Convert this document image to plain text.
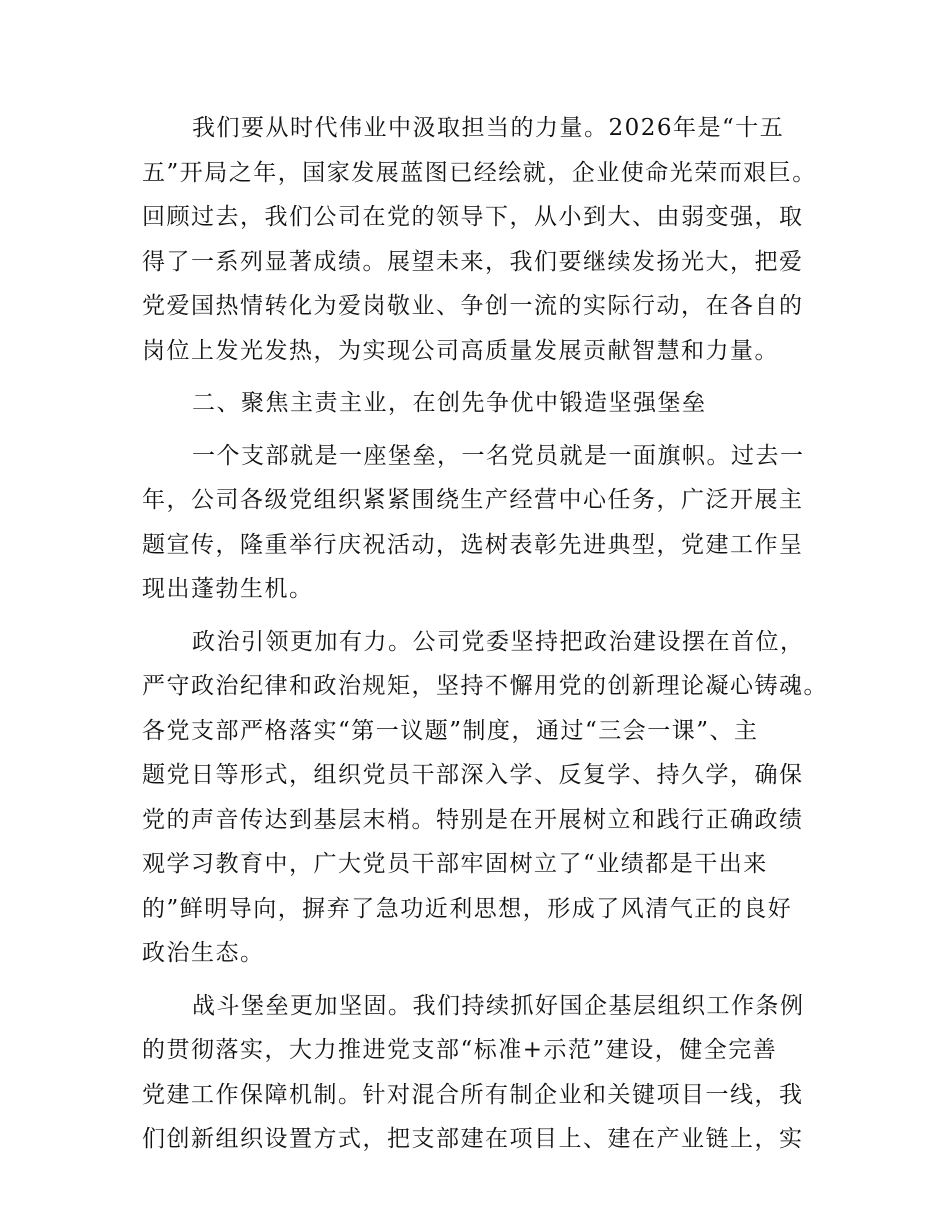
我们要从时代伟业中汲取担当的力量。2026年是“十五
五”开局之年，国家发展蓝图已经绘就，企业使命光荣而艰巨。
回顾过去，我们公司在党的领导下，从小到大、由弱变强，取
得了一系列显著成绩。展望未来，我们要继续发扬光大，把爱
党爱国热情转化为爱岗敬业、争创一流的实际行动，在各自的
岗位上发光发热，为实现公司高质量发展贡献智慧和力量。
二、聚焦主责主业，在创先争优中锻造坚强堡垒
一个支部就是一座堡垒，一名党员就是一面旗帜。过去一
年，公司各级党组织紧紧围绕生产经营中心任务，广泛开展主
题宣传，隆重举行庆祝活动，选树表彰先进典型，党建工作呈
现出蓬勃生机。
政治引领更加有力。公司党委坚持把政治建设摆在首位，
严守政治纪律和政治规矩，坚持不懈用党的创新理论凝心铸魂。
各党支部严格落实“第一议题”制度，通过“三会一课”、主
题党日等形式，组织党员干部深入学、反复学、持久学，确保
党的声音传达到基层末梢。特别是在开展树立和践行正确政绩
观学习教育中，广大党员干部牢固树立了“业绩都是干出来
的”鲜明导向，摒弃了急功近利思想，形成了风清气正的良好
政治生态。
战斗堡垒更加坚固。我们持续抓好国企基层组织工作条例
的贯彻落实，大力推进党支部“标准+示范”建设，健全完善
党建工作保障机制。针对混合所有制企业和关键项目一线，我
们创新组织设置方式，把支部建在项目上、建在产业链上，实
